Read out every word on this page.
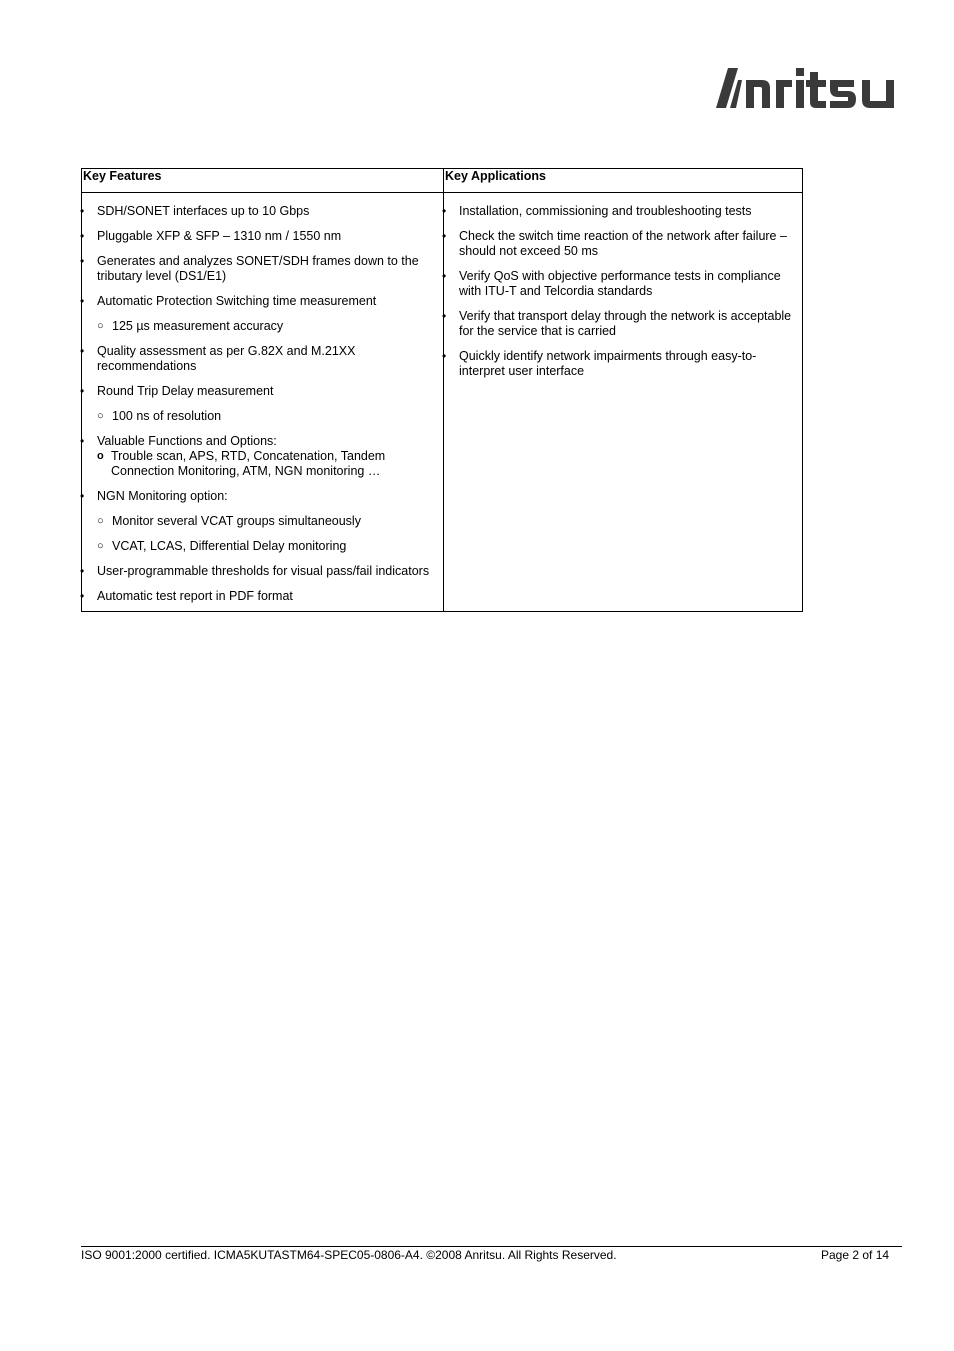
Key Features
• SDH/SONET interfaces up to 10 Gbps
• Pluggable XFP & SFP – 1310 nm / 1550 nm
• Generates and analyzes SONET/SDH frames down to the tributary level (DS1/E1)
• Automatic Protection Switching time measurement
○ 125 µs measurement accuracy
• Quality assessment as per G.82X and M.21XX recommendations
• Round Trip Delay measurement
○ 100 ns of resolution
• Valuable Functions and Options:
o Trouble scan, APS, RTD, Concatenation, Tandem Connection Monitoring, ATM, NGN monitoring …
• NGN Monitoring option:
○ Monitor several VCAT groups simultaneously
○ VCAT, LCAS, Differential Delay monitoring
• User-programmable thresholds for visual pass/fail indicators
• Automatic test report in PDF format
Key Applications
• Installation, commissioning and troubleshooting tests
• Check the switch time reaction of the network after failure – should not exceed 50 ms
• Verify QoS with objective performance tests in compliance with ITU-T and Telcordia standards
• Verify that transport delay through the network is acceptable for the service that is carried
• Quickly identify network impairments through easy-to-interpret user interface
ISO 9001:2000 certified. ICMA5KUTASTM64-SPEC05-0806-A4. ©2008 Anritsu. All Rights Reserved.	Page 2 of 14
